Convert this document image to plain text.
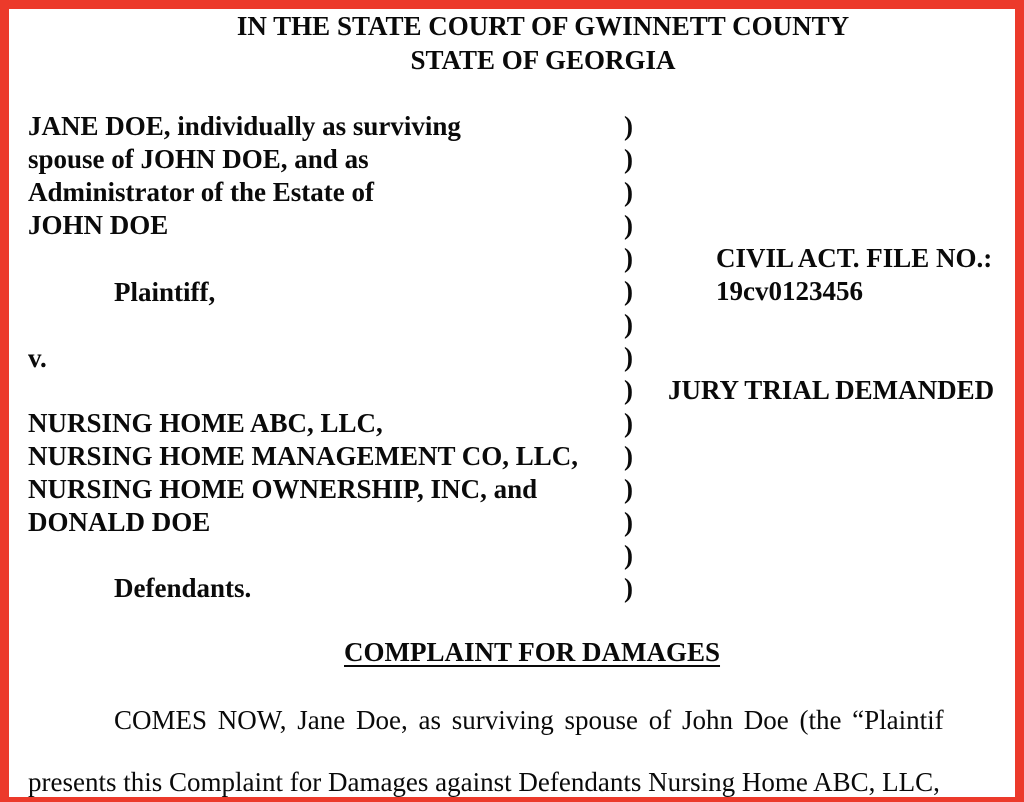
IN THE STATE COURT OF GWINNETT COUNTY
STATE OF GEORGIA
JANE DOE, individually as surviving
spouse of JOHN DOE, and as
Administrator of the Estate of
JOHN DOE
Plaintiff,
v.
NURSING HOME ABC, LLC,
NURSING HOME MANAGEMENT CO, LLC,
NURSING HOME OWNERSHIP, INC, and
DONALD DOE
Defendants.
)
)
)
)
)
)
)
)
)
)
)
)
)
)
)
CIVIL ACT. FILE NO.:
19cv0123456
JURY TRIAL DEMANDED
COMPLAINT FOR DAMAGES
COMES NOW, Jane Doe, as surviving spouse of John Doe (the “Plaintif
presents this Complaint for Damages against Defendants Nursing Home ABC, LLC,
